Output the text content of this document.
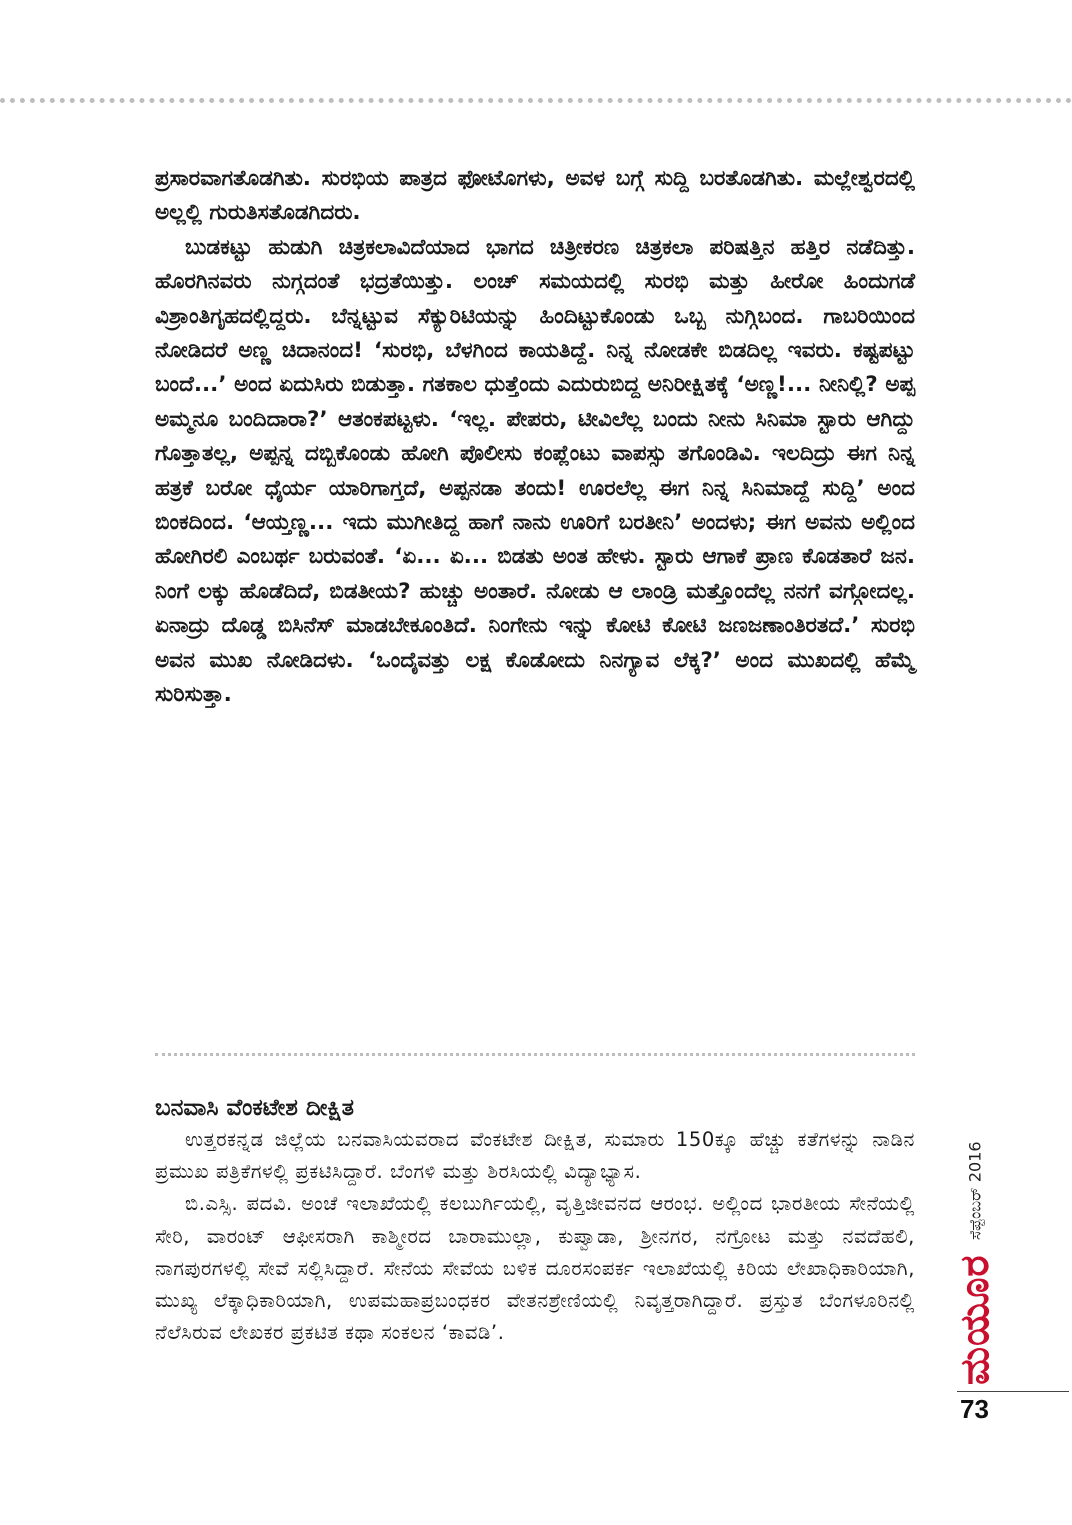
ಪ್ರಸಾರವಾಗತೊಡಗಿತು. ಸುರಭಿಯ ಪಾತ್ರದ ಫೋಟೊಗಳು, ಅವಳ ಬಗ್ಗೆ ಸುದ್ದಿ ಬರತೊಡಗಿತು. ಮಲ್ಲೇಶ್ವರದಲ್ಲಿ ಅಲ್ಲಲ್ಲಿ ಗುರುತಿಸತೊಡಗಿದರು.

ಬುಡಕಟ್ಟು ಹುಡುಗಿ ಚಿತ್ರಕಲಾವಿದೆಯಾದ ಭಾಗದ ಚಿತ್ರೀಕರಣ ಚಿತ್ರಕಲಾ ಪರಿಷತ್ತಿನ ಹತ್ತಿರ ನಡೆದಿತ್ತು. ಹೊರಗಿನವರು ನುಗ್ಗದಂತೆ ಭದ್ರತೆಯಿತ್ತು. ಲಂಚ್ ಸಮಯದಲ್ಲಿ ಸುರಭಿ ಮತ್ತು ಹೀರೋ ಹಿಂದುಗಡೆ ವಿಶ್ರಾಂತಿಗೃಹದಲ್ಲಿದ್ದರು. ಬೆನ್ನಟ್ಟುವ ಸೆಕ್ಯುರಿಟಿಯನ್ನು ಹಿಂದಿಟ್ಟುಕೊಂಡು ಒಬ್ಬ ನುಗ್ಗಿಬಂದ. ಗಾಬರಿಯಿಂದ ನೋಡಿದರೆ ಅಣ್ಣ ಚಿದಾನಂದ! ‘ಸುರಭಿ, ಬೆಳಗಿಂದ ಕಾಯತಿದ್ದೆ. ನಿನ್ನ ನೋಡಕೇ ಬಿಡದಿಲ್ಲ ಇವರು. ಕಷ್ಟಪಟ್ಟು ಬಂದೆ...’ ಅಂದ ಏದುಸಿರು ಬಿಡುತ್ತಾ. ಗತಕಾಲ ಧುತ್ತೆಂದು ಎದುರುಬಿದ್ದ ಅನಿರೀಕ್ಷಿತಕ್ಕೆ ‘ಅಣ್ಣ!... ನೀನಿಲ್ಲಿ? ಅಪ್ಪ ಅಮ್ಮನೂ ಬಂದಿದಾರಾ?’ ಆತಂಕಪಟ್ಟಳು. ‘ಇಲ್ಲ. ಪೇಪರು, ಟೀವಿಲೆಲ್ಲ ಬಂದು ನೀನು ಸಿನಿಮಾ ಸ್ಟಾರು ಆಗಿದ್ದು ಗೊತ್ತಾತಲ್ಲ, ಅಪ್ಪನ್ನ ದಬ್ಬಿಕೊಂಡು ಹೋಗಿ ಪೊಲೀಸು ಕಂಪ್ಲೆಂಟು ವಾಪಸ್ಸು ತಗೊಂಡಿವಿ. ಇಲದಿದ್ರು ಈಗ ನಿನ್ನ ಹತ್ರಕೆ ಬರೋ ಧೈರ್ಯ ಯಾರಿಗಾಗ್ತದೆ, ಅಪ್ಪನಡಾ ತಂದು! ಊರಲೆಲ್ಲ ಈಗ ನಿನ್ನ ಸಿನಿಮಾದ್ದೆ ಸುದ್ದಿ’ ಅಂದ ಬಿಂಕದಿಂದ. ‘ಆಯ್ತಣ್ಣ... ಇದು ಮುಗೀತಿದ್ದ ಹಾಗೆ ನಾನು ಊರಿಗೆ ಬರತೀನಿ’ ಅಂದಳು; ಈಗ ಅವನು ಅಲ್ಲಿಂದ ಹೋಗಿರಲಿ ಎಂಬರ್ಥ ಬರುವಂತೆ. ‘ಏ... ಏ... ಬಿಡತು ಅಂತ ಹೇಳು. ಸ್ಟಾರು ಆಗಾಕೆ ಪ್ರಾಣ ಕೊಡತಾರೆ ಜನ. ನಿಂಗೆ ಲಕ್ಕು ಹೊಡೆದಿದೆ, ಬಿಡತೀಯ? ಹುಚ್ಚು ಅಂತಾರೆ. ನೋಡು ಆ ಲಾಂಡ್ರಿ ಮತ್ತೊಂದೆಲ್ಲ ನನಗೆ ವಗ್ಗೋದಲ್ಲ. ಏನಾದ್ರು ದೊಡ್ಡ ಬಿಸಿನೆಸ್ ಮಾಡಬೇಕೂಂತಿದೆ. ನಿಂಗೇನು ಇನ್ನು ಕೋಟಿ ಕೋಟಿ ಜಣಜಣಾಂತಿರತದೆ.’ ಸುರಭಿ ಅವನ ಮುಖ ನೋಡಿದಳು. ‘ಒಂದೈವತ್ತು ಲಕ್ಷ ಕೊಡೋದು ನಿನಗ್ಯಾವ ಲೆಕ್ಕ?’ ಅಂದ ಮುಖದಲ್ಲಿ ಹೆಮ್ಮೆ ಸುರಿಸುತ್ತಾ.

ಬನವಾಸಿ ವೆಂಕಟೇಶ ದೀಕ್ಷಿತ

ಉತ್ತರಕನ್ನಡ ಜಿಲ್ಲೆಯ ಬನವಾಸಿಯವರಾದ ವೆಂಕಟೇಶ ದೀಕ್ಷಿತ, ಸುಮಾರು 150ಕ್ಕೂ ಹೆಚ್ಚು ಕತೆಗಳನ್ನು ನಾಡಿನ ಪ್ರಮುಖ ಪತ್ರಿಕೆಗಳಲ್ಲಿ ಪ್ರಕಟಿಸಿದ್ದಾರೆ. ಬೆಂಗಳಿ ಮತ್ತು ಶಿರಸಿಯಲ್ಲಿ ವಿದ್ಯಾಭ್ಯಾಸ.

ಬಿ.ಎಸ್ಸಿ. ಪದವಿ. ಅಂಚೆ ಇಲಾಖೆಯಲ್ಲಿ ಕಲಬುರ್ಗಿಯಲ್ಲಿ, ವೃತ್ತಿಜೀವನದ ಆರಂಭ. ಅಲ್ಲಿಂದ ಭಾರತೀಯ ಸೇನೆಯಲ್ಲಿ ಸೇರಿ, ವಾರಂಟ್ ಆಫೀಸರಾಗಿ ಕಾಶ್ಮೀರದ ಬಾರಾಮುಲ್ಲಾ, ಕುಪ್ವಾಡಾ, ಶ್ರೀನಗರ, ನಗ್ರೋಟ ಮತ್ತು ನವದೆಹಲಿ, ನಾಗಪುರಗಳಲ್ಲಿ ಸೇವೆ ಸಲ್ಲಿಸಿದ್ದಾರೆ. ಸೇನೆಯ ಸೇವೆಯ ಬಳಿಕ ದೂರಸಂಪರ್ಕ ಇಲಾಖೆಯಲ್ಲಿ ಕಿರಿಯ ಲೇಖಾಧಿಕಾರಿಯಾಗಿ, ಮುಖ್ಯ ಲೆಕ್ಕಾಧಿಕಾರಿಯಾಗಿ, ಉಪಮಹಾಪ್ರಬಂಧಕರ ವೇತನಶ್ರೇಣಿಯಲ್ಲಿ ನಿವೃತ್ತರಾಗಿದ್ದಾರೆ. ಪ್ರಸ್ತುತ ಬೆಂಗಳೂರಿನಲ್ಲಿ ನೆಲೆಸಿರುವ ಲೇಖಕರ ಪ್ರಕಟಿತ ಕಥಾ ಸಂಕಲನ ‘ಕಾವಡಿ’.	ಮಯೂರ
ಸೆಪ್ಟೆಂಬರ್ 2016
73
